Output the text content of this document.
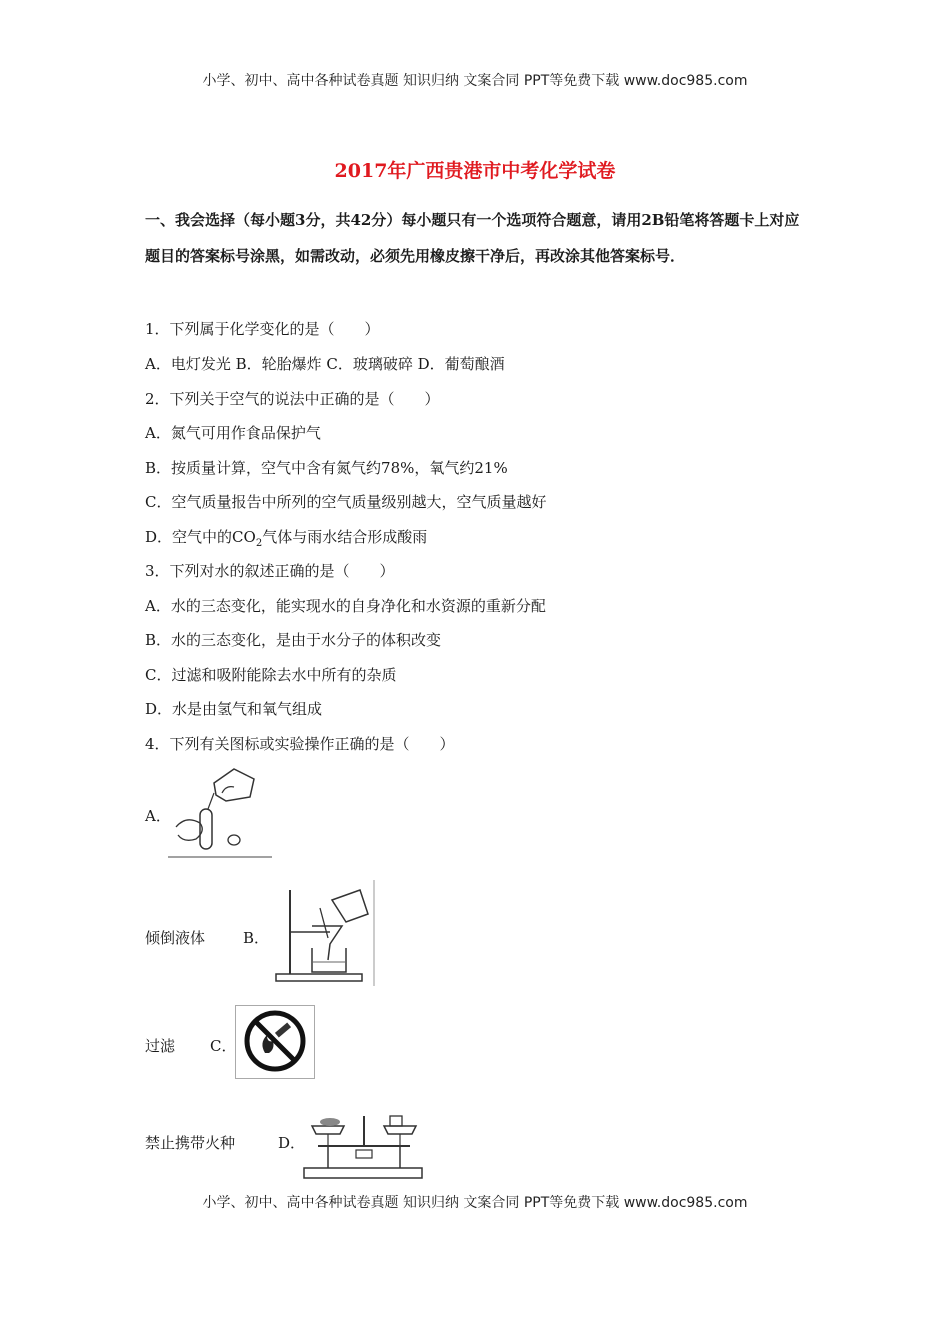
小学、初中、高中各种试卷真题 知识归纳 文案合同 PPT等免费下载 www.doc985.com
2017年广西贵港市中考化学试卷
一、我会选择（每小题3分，共42分）每小题只有一个选项符合题意，请用2B铅笔将答题卡上对应题目的答案标号涂黑，如需改动，必须先用橡皮擦干净后，再改涂其他答案标号．
1．下列属于化学变化的是（　　）
A．电灯发光 B．轮胎爆炸 C．玻璃破碎 D．葡萄酿酒
2．下列关于空气的说法中正确的是（　　）
A．氮气可用作食品保护气
B．按质量计算，空气中含有氮气约78%，氧气约21%
C．空气质量报告中所列的空气质量级别越大，空气质量越好
D．空气中的$CO_2$气体与雨水结合形成酸雨
3．下列对水的叙述正确的是（　　）
A．水的三态变化，能实现水的自身净化和水资源的重新分配
B．水的三态变化，是由于水分子的体积改变
C．过滤和吸附能除去水中所有的杂质
D．水是由氢气和氧气组成
4．下列有关图标或实验操作正确的是（　　）
A．
倾倒液体	B．
过滤 C．
禁止携带火种	D．
小学、初中、高中各种试卷真题 知识归纳 文案合同 PPT等免费下载 www.doc985.com
